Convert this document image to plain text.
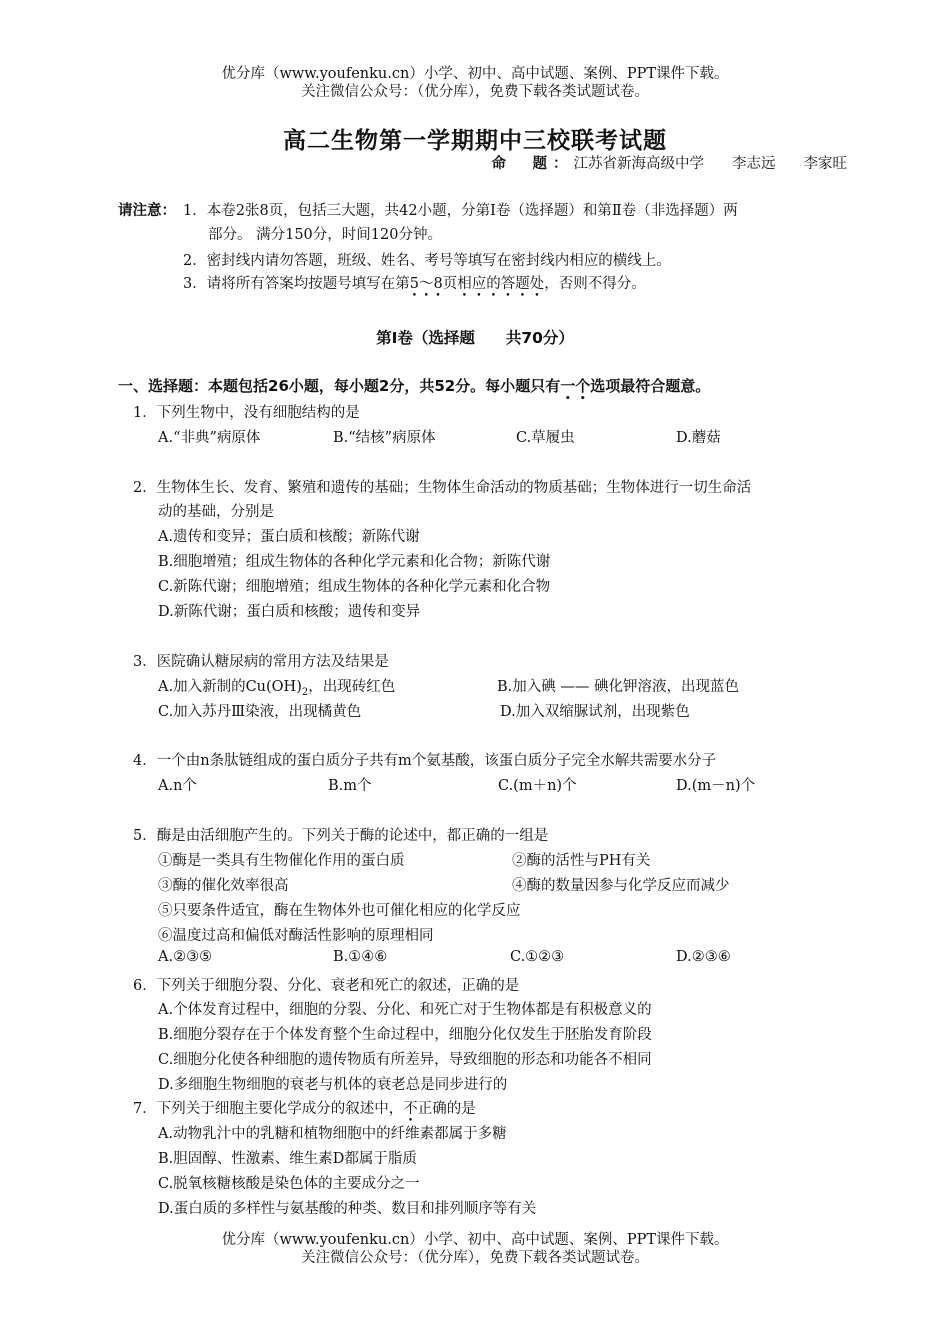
优分库（www.youfenku.cn）小学、初中、高中试题、案例、PPT课件下载。
关注微信公众号：（优分库），免费下载各类试题试卷。
高二生物第一学期期中三校联考试题
命　题：江苏省新海高级中学 李志远 李家旺
请注意： 1．本卷2张8页，包括三大题，共42小题，分第Ⅰ卷（选择题）和第Ⅱ卷（非选择题）两
部分。 满分150分，时间120分钟。
2．密封线内请勿答题，班级、姓名、考号等填写在密封线内相应的横线上。
3．请将所有答案均按题号填写在第5 •～ •8 •页相应的答题处，否则不得分。
第Ⅰ卷（选择题　　共70分）
一、选择题：本题包括26小题，每小题2分，共52分。每小题只有一个选项最符合题意。
1．下列生物中，没有细胞结构的是
A.“非典”病原体	B.“结核”病原体	C.草履虫	D.蘑菇
2．生物体生长、发育、繁殖和遗传的基础；生物体生命活动的物质基础；生物体进行一切生命活
动的基础，分别是
A.遗传和变异；蛋白质和核酸；新陈代谢
B.细胞增殖；组成生物体的各种化学元素和化合物；新陈代谢
C.新陈代谢；细胞增殖；组成生物体的各种化学元素和化合物
D.新陈代谢；蛋白质和核酸；遗传和变异
3．医院确认糖尿病的常用方法及结果是
A.加入新制的$Cu(OH)_2$，出现砖红色	B.加入碘 —— 碘化钾溶液，出现蓝色
C.加入苏丹Ⅲ染液，出现橘黄色	D.加入双缩脲试剂，出现紫色
4．一个由n条肽链组成的蛋白质分子共有m个氨基酸，该蛋白质分子完全水解共需要水分子
A.n个	B.m个	C.(m＋n)个	D.(m－n)个
5．酶是由活细胞产生的。下列关于酶的论述中，都正确的一组是
①酶是一类具有生物催化作用的蛋白质	②酶的活性与PH有关
③酶的催化效率很高	④酶的数量因参与化学反应而减少
⑤只要条件适宜，酶在生物体外也可催化相应的化学反应
⑥温度过高和偏低对酶活性影响的原理相同
A.②③⑤	B.①④⑥	C.①②③	D.②③⑥
6．下列关于细胞分裂、分化、衰老和死亡的叙述，正确的是
A.个体发育过程中，细胞的分裂、分化、和死亡对于生物体都是有积极意义的
B.细胞分裂存在于个体发育整个生命过程中，细胞分化仅发生于胚胎发育阶段
C.细胞分化使各种细胞的遗传物质有所差异，导致细胞的形态和功能各不相同
D.多细胞生物细胞的衰老与机体的衰老总是同步进行的
7．下列关于细胞主要化学成分的叙述中，不正确的是
A.动物乳汁中的乳糖和植物细胞中的纤维素都属于多糖
B.胆固醇、性激素、维生素D都属于脂质
C.脱氧核糖核酸是染色体的主要成分之一
D.蛋白质的多样性与氨基酸的种类、数目和排列顺序等有关
优分库（www.youfenku.cn）小学、初中、高中试题、案例、PPT课件下载。
关注微信公众号：（优分库），免费下载各类试题试卷。
